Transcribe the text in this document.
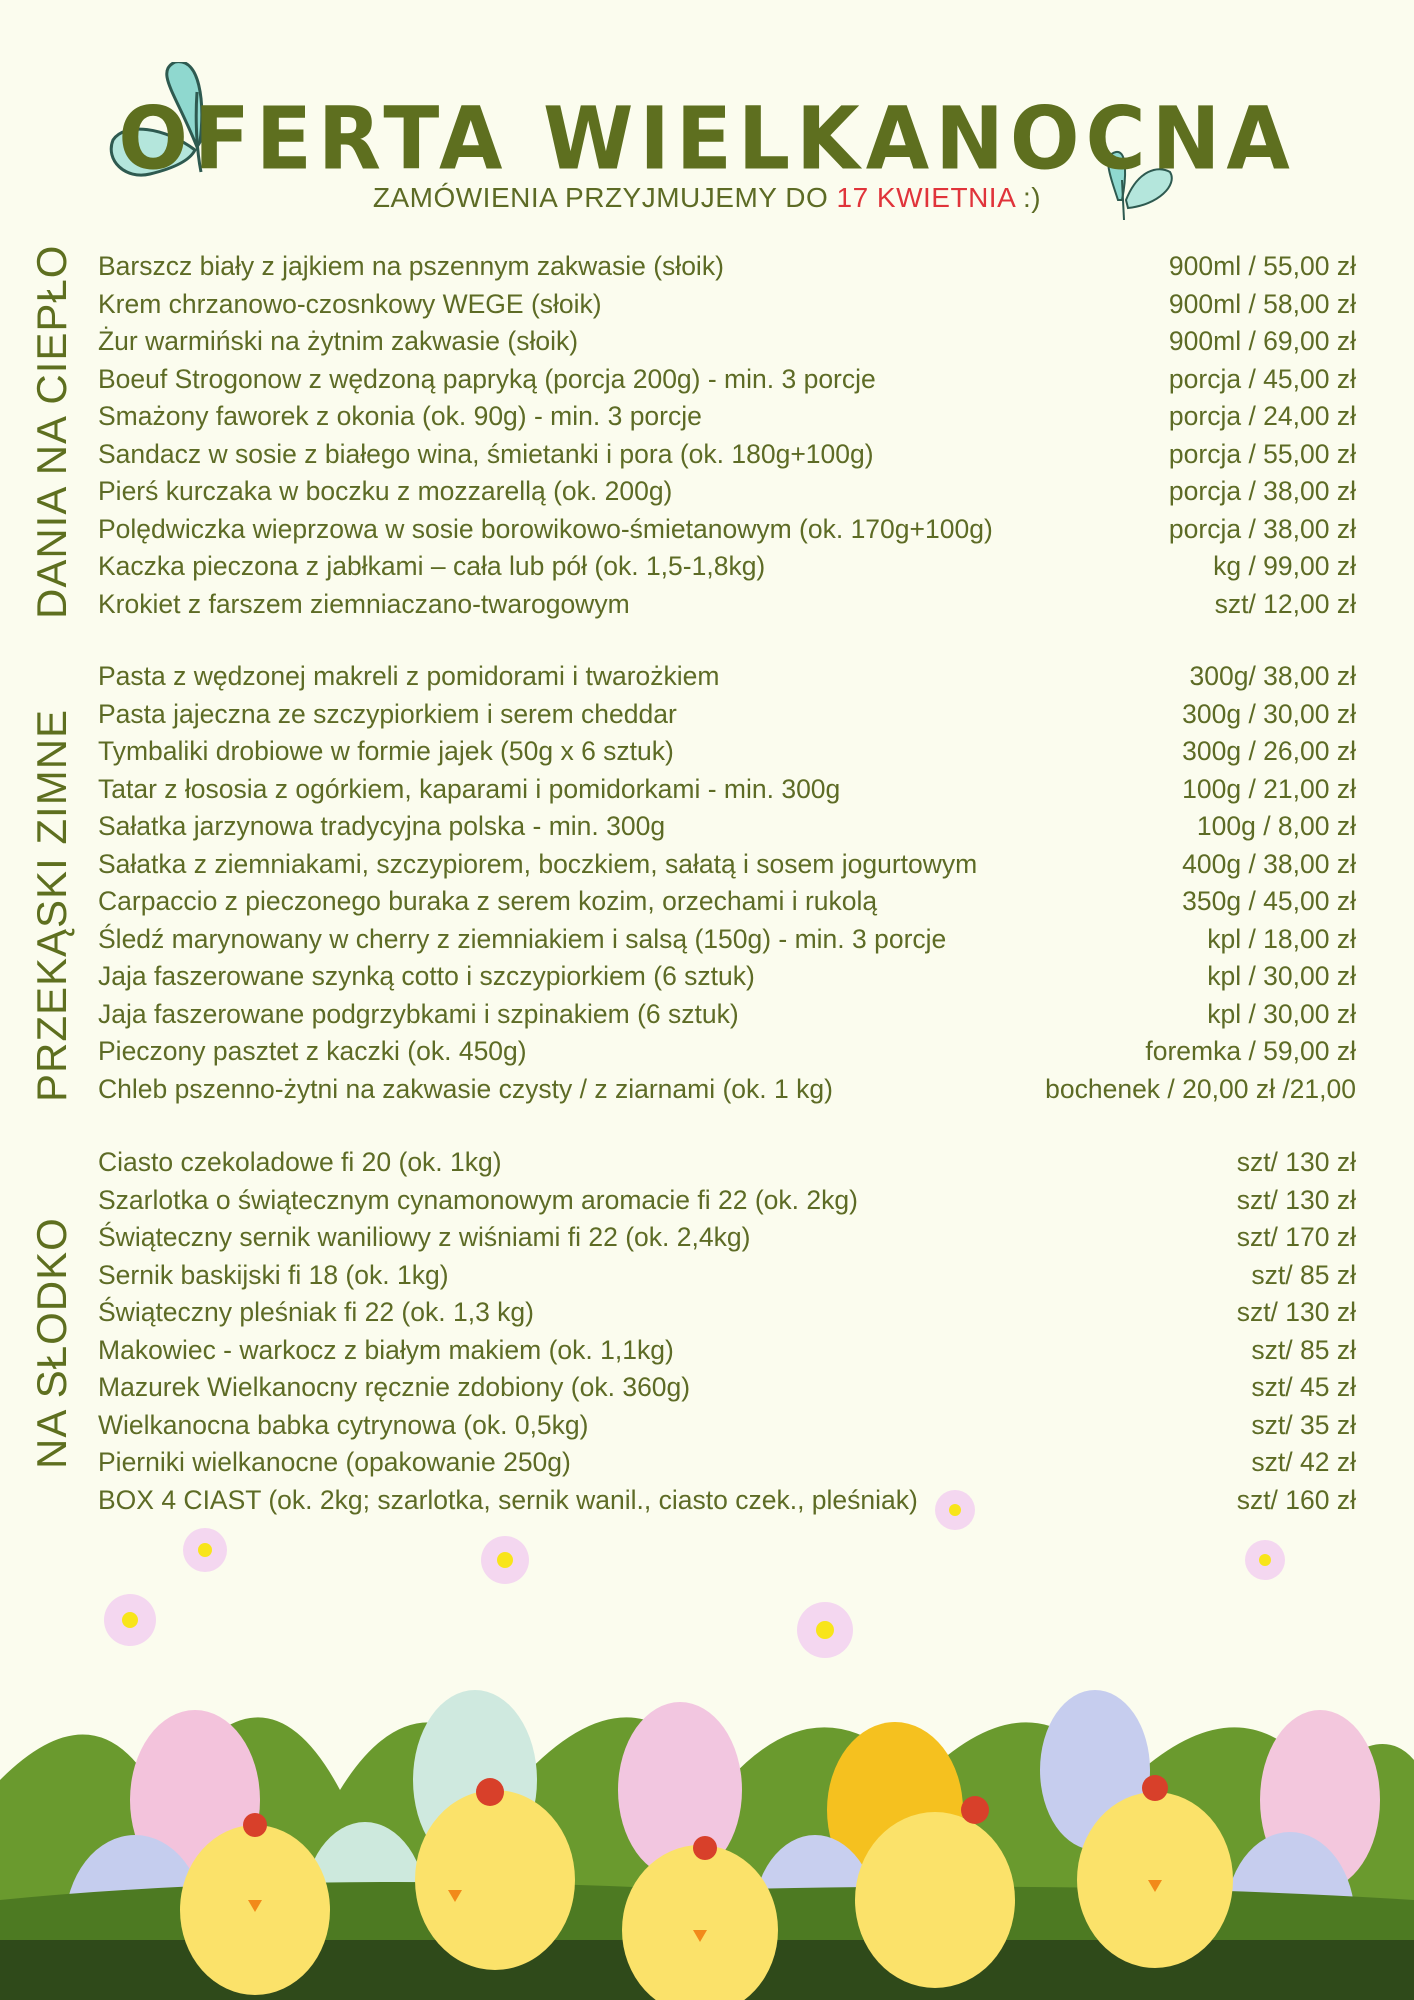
OFERTA WIELKANOCNA
ZAMÓWIENIA PRZYJMUJEMY DO 17 KWIETNIA :)
DANIA NA CIEPŁO
PRZEKĄSKI ZIMNE
NA SŁODKO
Barszcz biały z jajkiem na pszennym zakwasie (słoik)	900ml / 55,00 zł
Krem chrzanowo-czosnkowy WEGE (słoik)	900ml / 58,00 zł
Żur warmiński na żytnim zakwasie (słoik)	900ml / 69,00 zł
Boeuf Strogonow z wędzoną papryką (porcja 200g) - min. 3 porcje	porcja / 45,00 zł
Smażony faworek z okonia (ok. 90g) - min. 3 porcje	porcja / 24,00 zł
Sandacz w sosie z białego wina, śmietanki i pora (ok. 180g+100g)	porcja / 55,00 zł
Pierś kurczaka w boczku z mozzarellą (ok. 200g)	porcja / 38,00 zł
Polędwiczka wieprzowa w sosie borowikowo-śmietanowym (ok. 170g+100g)	porcja / 38,00 zł
Kaczka pieczona z jabłkami – cała lub pół (ok. 1,5-1,8kg)	kg / 99,00 zł
Krokiet z farszem ziemniaczano-twarogowym	szt/ 12,00 zł
Pasta z wędzonej makreli z pomidorami i twarożkiem	300g/ 38,00 zł
Pasta jajeczna ze szczypiorkiem i serem cheddar	300g / 30,00 zł
Tymbaliki drobiowe w formie jajek (50g x 6 sztuk)	300g / 26,00 zł
Tatar z łososia z ogórkiem, kaparami i pomidorkami - min. 300g	100g / 21,00 zł
Sałatka jarzynowa tradycyjna polska - min. 300g	100g / 8,00 zł
Sałatka z ziemniakami, szczypiorem, boczkiem, sałatą i sosem jogurtowym	400g / 38,00 zł
Carpaccio z pieczonego buraka z serem kozim, orzechami i rukolą	350g / 45,00 zł
Śledź marynowany w cherry z ziemniakiem i salsą (150g) - min. 3 porcje	kpl / 18,00 zł
Jaja faszerowane szynką cotto i szczypiorkiem (6 sztuk)	kpl / 30,00 zł
Jaja faszerowane podgrzybkami i szpinakiem (6 sztuk)	kpl / 30,00 zł
Pieczony pasztet z kaczki (ok. 450g)	foremka / 59,00 zł
Chleb pszenno-żytni na zakwasie czysty / z ziarnami (ok. 1 kg)	bochenek / 20,00 zł /21,00
Ciasto czekoladowe fi 20 (ok. 1kg)	szt/ 130 zł
Szarlotka o świątecznym cynamonowym aromacie fi 22 (ok. 2kg)	szt/ 130 zł
Świąteczny sernik waniliowy z wiśniami fi 22 (ok. 2,4kg)	szt/ 170 zł
Sernik baskijski fi 18 (ok. 1kg)	szt/ 85 zł
Świąteczny pleśniak fi 22 (ok. 1,3 kg)	szt/ 130 zł
Makowiec - warkocz z białym makiem (ok. 1,1kg)	szt/ 85 zł
Mazurek Wielkanocny ręcznie zdobiony (ok. 360g)	szt/ 45 zł
Wielkanocna babka cytrynowa (ok. 0,5kg)	szt/ 35 zł
Pierniki wielkanocne (opakowanie 250g)	szt/ 42 zł
BOX 4 CIAST (ok. 2kg; szarlotka, sernik wanil., ciasto czek., pleśniak)	szt/ 160 zł
